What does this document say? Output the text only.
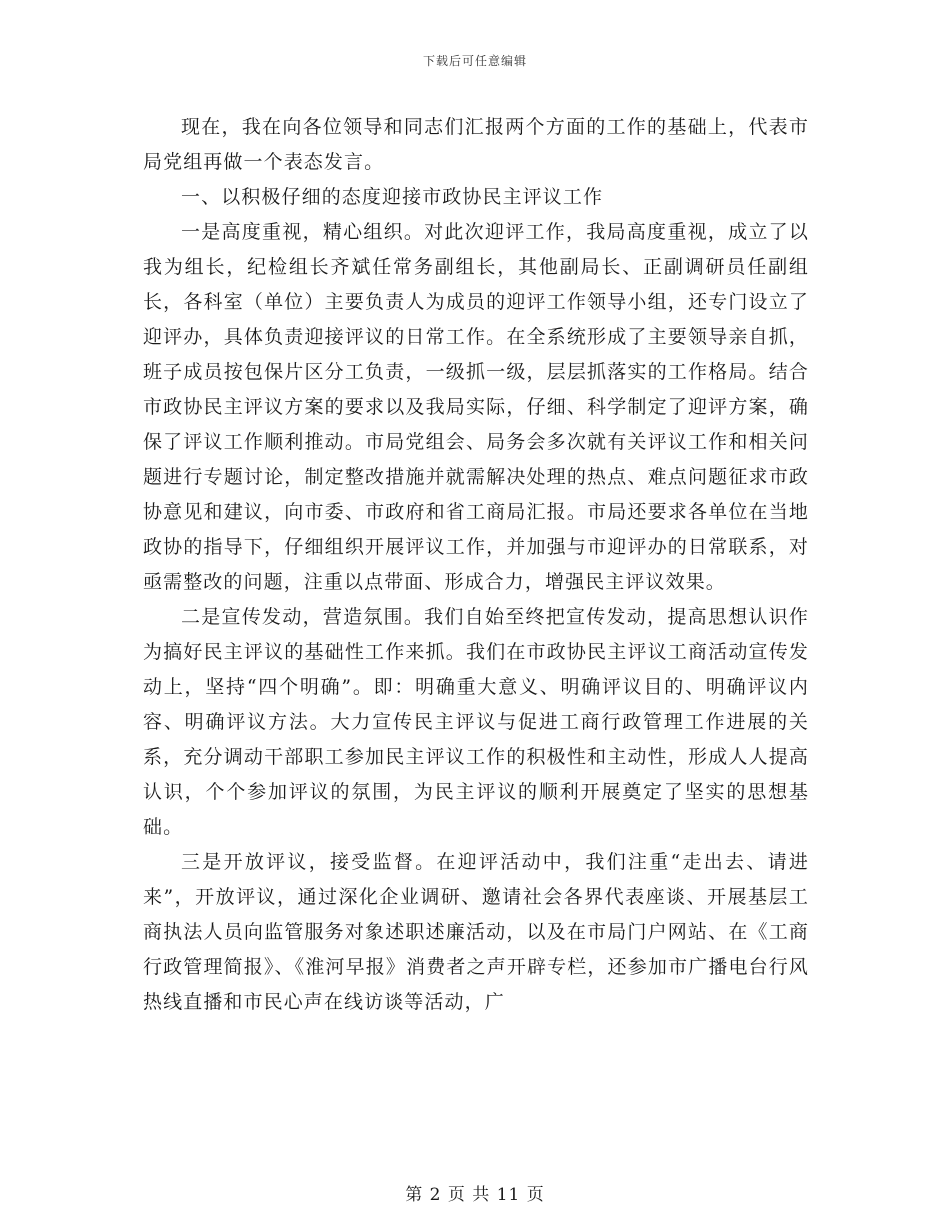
下载后可任意编辑

现在，我在向各位领导和同志们汇报两个方面的工作的基础上，代表市局党组再做一个表态发言。

一、以积极仔细的态度迎接市政协民主评议工作

一是高度重视，精心组织。对此次迎评工作，我局高度重视，成立了以我为组长，纪检组长齐斌任常务副组长，其他副局长、正副调研员任副组长，各科室（单位）主要负责人为成员的迎评工作领导小组，还专门设立了迎评办，具体负责迎接评议的日常工作。在全系统形成了主要领导亲自抓，班子成员按包保片区分工负责，一级抓一级，层层抓落实的工作格局。结合市政协民主评议方案的要求以及我局实际，仔细、科学制定了迎评方案，确保了评议工作顺利推动。市局党组会、局务会多次就有关评议工作和相关问题进行专题讨论，制定整改措施并就需解决处理的热点、难点问题征求市政协意见和建议，向市委、市政府和省工商局汇报。市局还要求各单位在当地政协的指导下，仔细组织开展评议工作，并加强与市迎评办的日常联系，对亟需整改的问题，注重以点带面、形成合力，增强民主评议效果。

二是宣传发动，营造氛围。我们自始至终把宣传发动，提高思想认识作为搞好民主评议的基础性工作来抓。我们在市政协民主评议工商活动宣传发动上，坚持“四个明确”。即：明确重大意义、明确评议目的、明确评议内容、明确评议方法。大力宣传民主评议与促进工商行政管理工作进展的关系，充分调动干部职工参加民主评议工作的积极性和主动性，形成人人提高认识，个个参加评议的氛围，为民主评议的顺利开展奠定了坚实的思想基础。

三是开放评议，接受监督。在迎评活动中，我们注重“走出去、请进来”，开放评议，通过深化企业调研、邀请社会各界代表座谈、开展基层工商执法人员向监管服务对象述职述廉活动，以及在市局门户网站、在《工商行政管理简报》、《淮河早报》消费者之声开辟专栏，还参加市广播电台行风热线直播和市民心声在线访谈等活动，广

第 2 页 共 11 页
